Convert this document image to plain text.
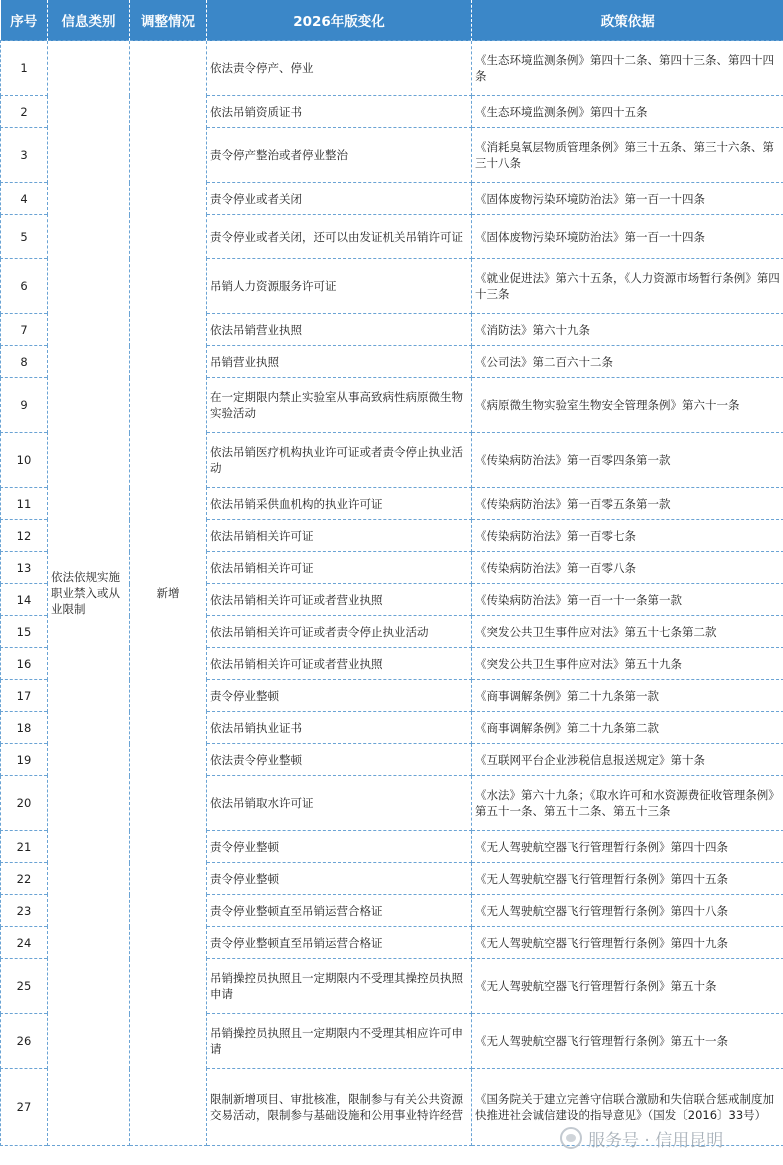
序号	信息类别	调整情况	2026年版变化	政策依据
1	依法依规实施职业禁入或从业限制	新增	依法责令停产、停业	《生态环境监测条例》第四十二条、第四十三条、第四十四条
2			依法吊销资质证书	《生态环境监测条例》第四十五条
3			责令停产整治或者停业整治	《消耗臭氧层物质管理条例》第三十五条、第三十六条、第三十八条
4			责令停业或者关闭	《固体废物污染环境防治法》第一百一十四条
5			责令停业或者关闭，还可以由发证机关吊销许可证	《固体废物污染环境防治法》第一百一十四条
6			吊销人力资源服务许可证	《就业促进法》第六十五条，《人力资源市场暂行条例》第四十三条
7			依法吊销营业执照	《消防法》第六十九条
8			吊销营业执照	《公司法》第二百六十二条
9			在一定期限内禁止实验室从事高致病性病原微生物实验活动	《病原微生物实验室生物安全管理条例》第六十一条
10			依法吊销医疗机构执业许可证或者责令停止执业活动	《传染病防治法》第一百零四条第一款
11			依法吊销采供血机构的执业许可证	《传染病防治法》第一百零五条第一款
12			依法吊销相关许可证	《传染病防治法》第一百零七条
13			依法吊销相关许可证	《传染病防治法》第一百零八条
14			依法吊销相关许可证或者营业执照	《传染病防治法》第一百一十一条第一款
15			依法吊销相关许可证或者责令停止执业活动	《突发公共卫生事件应对法》第五十七条第二款
16			依法吊销相关许可证或者营业执照	《突发公共卫生事件应对法》第五十九条
17			责令停业整顿	《商事调解条例》第二十九条第一款
18			依法吊销执业证书	《商事调解条例》第二十九条第二款
19			依法责令停业整顿	《互联网平台企业涉税信息报送规定》第十条
20			依法吊销取水许可证	《水法》第六十九条；《取水许可和水资源费征收管理条例》第五十一条、第五十二条、第五十三条
21			责令停业整顿	《无人驾驶航空器飞行管理暂行条例》第四十四条
22			责令停业整顿	《无人驾驶航空器飞行管理暂行条例》第四十五条
23			责令停业整顿直至吊销运营合格证	《无人驾驶航空器飞行管理暂行条例》第四十八条
24			责令停业整顿直至吊销运营合格证	《无人驾驶航空器飞行管理暂行条例》第四十九条
25			吊销操控员执照且一定期限内不受理其操控员执照申请	《无人驾驶航空器飞行管理暂行条例》第五十条
26			吊销操控员执照且一定期限内不受理其相应许可申请	《无人驾驶航空器飞行管理暂行条例》第五十一条
27			限制新增项目、审批核准，限制参与有关公共资源交易活动，限制参与基础设施和公用事业特许经营	《国务院关于建立完善守信联合激励和失信联合惩戒制度加快推进社会诚信建设的指导意见》（国发〔2016〕33号）
服务号 · 信用昆明
